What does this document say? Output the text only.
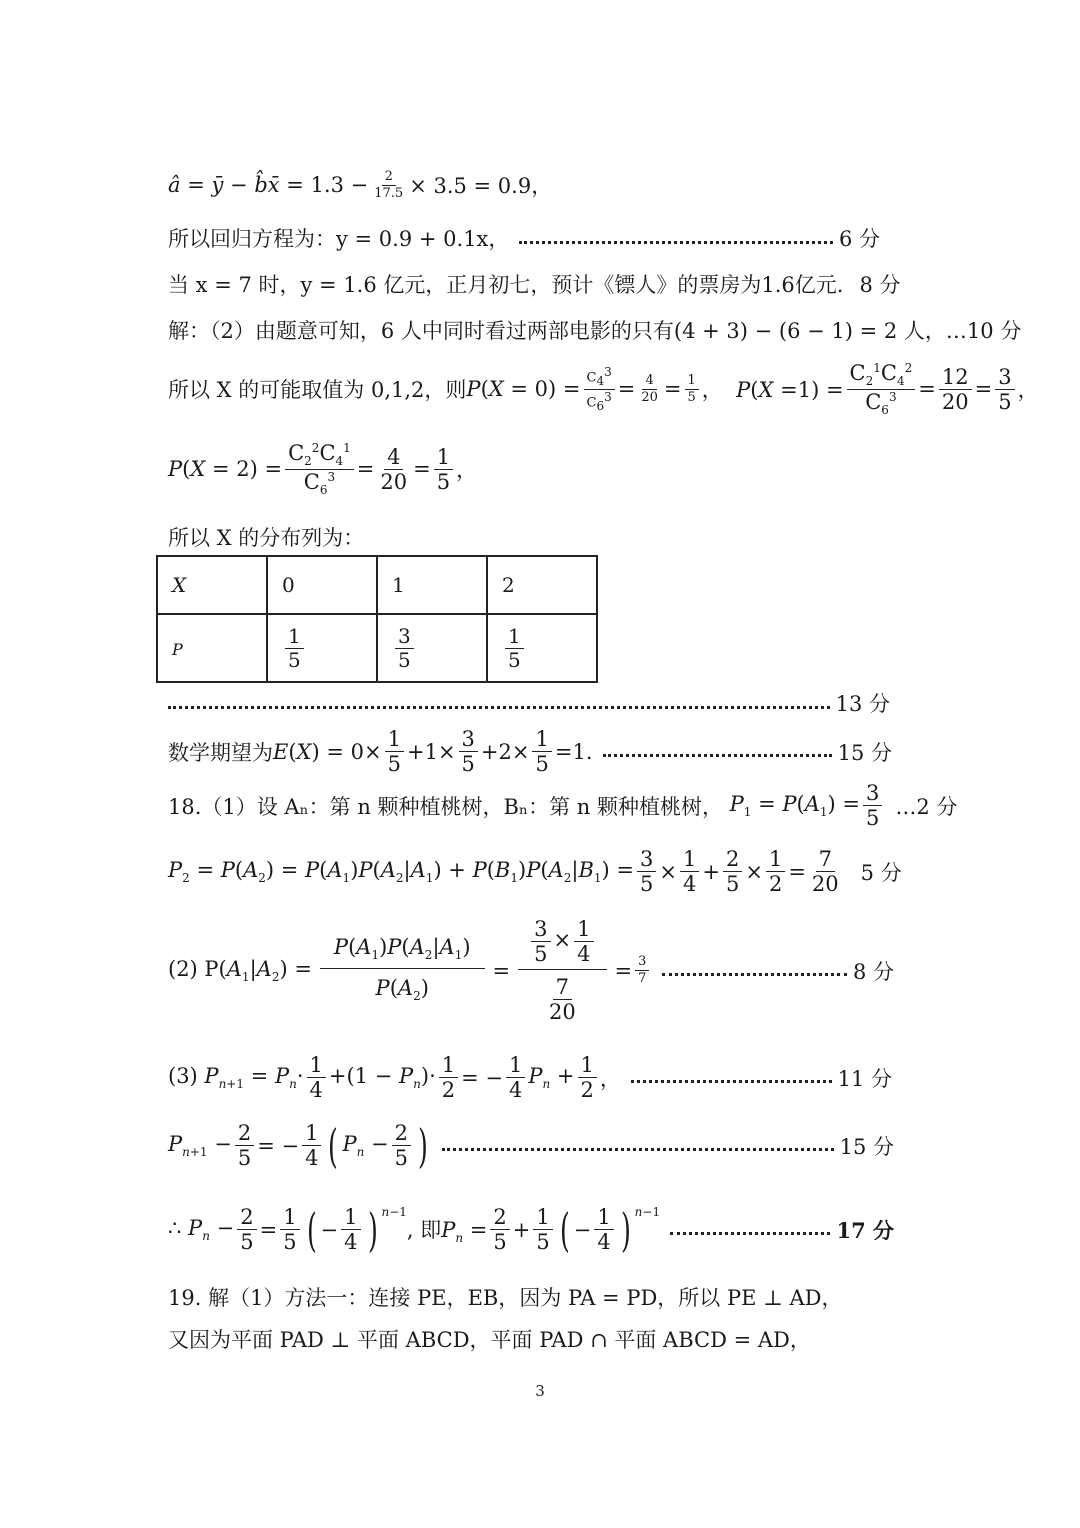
â = ȳ − b̂x̄ = $1.3 - \frac{2}{17.5} \times 3.5 = 0.9$，
所以回归方程为：y = 0.9 + 0.1x，	6 分
当 x = 7 时，y = 1.6 亿元，正月初七，预计《镖人》的票房为1.6亿元. 8 分
解：（2）由题意可知，6 人中同时看过两部电影的只有(4 + 3) − (6 − 1) = 2 人，… 10 分
所以 X 的可能取值为 0,1,2，则 $P(X = 0) = \frac{C_4^3}{C_6^3} = \frac{4}{20} = \frac{1}{5}$ ，  $P(X =1) = \frac{C_2^1C_4^2}{C_6^3} = \frac{12}{20} = \frac{3}{5}$ ，
$P(X = 2) = \frac{C_2^2C_4^1}{C_6^3} = \frac{4}{20} = \frac{1}{5}$ ，
所以 X 的分布列为：
X	0	1	2
P	$\frac{1}{5}$	$\frac{3}{5}$	$\frac{1}{5}$
13 分
数学期望为 $E(X) = 0\times \frac{1}{5} +1\times \frac{3}{5} +2\times \frac{1}{5} =1$.	15 分
18.（1）设 Aₙ：第 n 颗种植桃树，Bₙ：第 n 颗种植桃树， $P_1 = P(A_1) = \frac{3}{5}$ …2 分
$P_2 = P(A_2) = P(A_1)P(A_2|A_1) + P(B_1)P(A_2|B_1) = \frac{3}{5} \times \frac{1}{4} + \frac{2}{5} \times \frac{1}{2} = \frac{7}{20} 5$ 分
(2) $P(A_1|A_2) = \frac{P(A_1)P(A_2|A_1)}{P(A_2)} = \frac{\frac{3}{5} \times \frac{1}{4}}{\frac{7}{20}} = \frac{3}{7}$	8 分
(3) $P_{n+1} = P_n\cdot \frac{1}{4} +(1 - P_n)\cdot \frac{1}{2}$ = − $\frac{1}{4} P_n + \frac{1}{2}$ ，	11 分
$P_{n+1} - \frac{2}{5}$ = − $\frac{1}{4}$ ( $P_n - \frac{2}{5}$ )	15 分
∴ $P_n - \frac{2}{5} = \frac{1}{5}$ ( − $\frac{1}{4}$ ) $^{n-1}$
, 即$P_n = \frac{2}{5} + \frac{1}{5}$ ( − $\frac{1}{4}$ ) $^{n-1}$
17 分
19. 解（1）方法一：连接 PE，EB，因为 PA = PD，所以 PE ⊥ AD，
又因为平面 PAD ⊥ 平面 ABCD，平面 PAD ∩ 平面 ABCD = AD，
3
